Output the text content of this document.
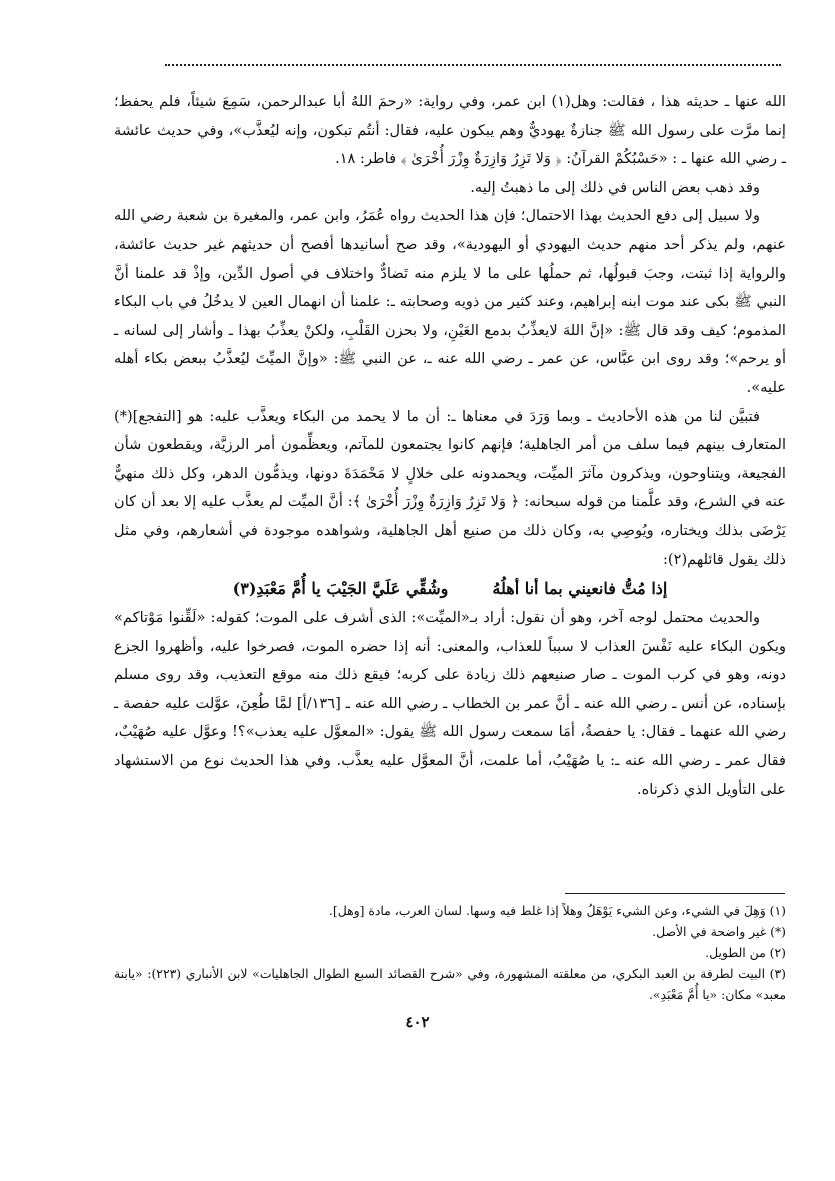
الله عنها ـ حديثه هذا ، فقالت: وهل(١) ابن عمر، وفي رواية: «رحمَ اللهُ أبا عبدالرحمن، سَمِعَ شيئاً، فلم يحفظ؛ إنما مرَّت على رسول الله ﷺ جنازةٌ يهوديٌّ وهم يبكون عليه، فقال: أنتُم تبكون، وإنه ليُعذَّب»، وفي حديث عائشة ـ رضي الله عنها ـ : «حَسْبُكُمْ القرآنُ: ﴿ وَلا تَزِرُ وَازِرَةٌ وِزْرَ أُخْرَىٰ ﴾ فاطر: ١٨.

وقد ذهب بعض الناس في ذلك إلى ما ذهبتُ إليه.

ولا سبيل إلى دفع الحديث بهذا الاحتمال؛ فإن هذا الحديث رواه عُمَرُ، وابن عمر، والمغيرة بن شعبة رضي الله عنهم، ولم يذكر أحد منهم حديث اليهودي أو اليهودية»، وقد صح أسانيدها أفصح أن حديثهم غير حديث عائشة، والرواية إذا ثبتت، وجبَ قبولُها، ثم حملُها على ما لا يلزم منه تَضادٌّ واختلاف في أصول الدِّين، وإذْ قد علمنا أنَّ النبي ﷺ بكى عند موت ابنه إبراهيم، وعند كثير من ذويه وصحابته ـ: علمنا أن انهمال العين لا يدخُلُ في باب البكاء المذموم؛ كيف وقد قال ﷺ: «إنَّ اللهَ لايعذِّبُ بدمع العَيْنِ، ولا بحزن القَلْبِ، ولكنْ يعذِّبُ بهذا ـ وأشار إلى لسانه ـ أو يرحم»؛ وقد روى ابن عبَّاس، عن عمر ـ رضي الله عنه ـ، عن النبي ﷺ: «وإنَّ الميِّتَ ليُعذَّبُ ببعض بكاء أهله عليه».

فتبيَّن لنا من هذه الأحاديث ـ وبما وَرَدَ في معناها ـ: أن ما لا يحمد من البكاء ويعذَّب عليه: هو [التفجع](*) المتعارف بينهم فيما سلف من أمر الجاهلية؛ فإنهم كانوا يجتمعون للمآتم، ويعظِّمون أمر الرزيَّة، ويقطعون شأن الفجيعة، ويتناوحون، ويذكرون مآثرَ الميِّت، ويحمدونه على خلالٍ لا مَحْمَدَةَ دونها، ويذمُّون الدهر، وكل ذلك منهيٌّ عنه في الشرع، وقد علَّمنا من قوله سبحانه: ﴿ وَلا تَزِرُ وَازِرَةٌ وِزْرَ أُخْرَىٰ ﴾: أنَّ الميِّت لم يعذَّب عليه إلا بعد أن كان يَرْضَى بذلك ويختاره، ويُوصِي به، وكان ذلك من صنيع أهل الجاهلية، وشواهده موجودة في أشعارهم، وفي مثل ذلك يقول قائلهم(٢):

إذا مُتُّ فانعيني بما أنا أهلُهُ
وشُقِّي عَلَيَّ الجَيْبَ يا أُمَّ مَعْبَدِ(٣)

والحديث محتمل لوجه آخر، وهو أن نقول: أراد بـ«الميِّت»: الذى أشرف على الموت؛ كقوله: «لَقِّنوا مَوْتاكم» ويكون البكاء عليه نَفْسَ العذاب لا سبباً للعذاب، والمعنى: أنه إذا حضره الموت، فصرخوا عليه، وأظهروا الجزع دونه، وهو في كرب الموت ـ صار صنيعهم ذلك زيادة على كربه؛ فيقع ذلك منه موقع التعذيب، وقد روى مسلم بإسناده، عن أنس ـ رضي الله عنه ـ أنَّ عمر بن الخطاب ـ رضي الله عنه ـ [١٣٦/أ] لمَّا طُعِنَ، عوَّلت عليه حفصة ـ رضي الله عنهما ـ فقال: يا حفصةُ، أمَا سمعت رسول الله ﷺ يقول: «المعوَّل عليه يعذب»؟! وعوَّل عليه صُهَيْبٌ، فقال عمر ـ رضي الله عنه ـ: يا صُهَيْبُ، أما علمت، أنَّ المعوَّل عليه يعذَّب. وفي هذا الحديث نوع من الاستشهاد على التأويل الذي ذكرناه.

(١) وَهِلَ في الشيء، وعن الشيء يَوْهَلُ وهلاً إذا غلط فيه وسها. لسان العرب، مادة [وهل].

(*) غير واضحة في الأصل.

(٢) من الطويل.

(٣) البيت لطرفة بن العبد البكري، من معلقته المشهورة، وفي «شرح القصائد السبع الطوال الجاهليات» لابن الأنباري (٢٢٣): «يابنة معبد» مكان: «يا أُمَّ مَعْبَدِ».

٤٠٢
